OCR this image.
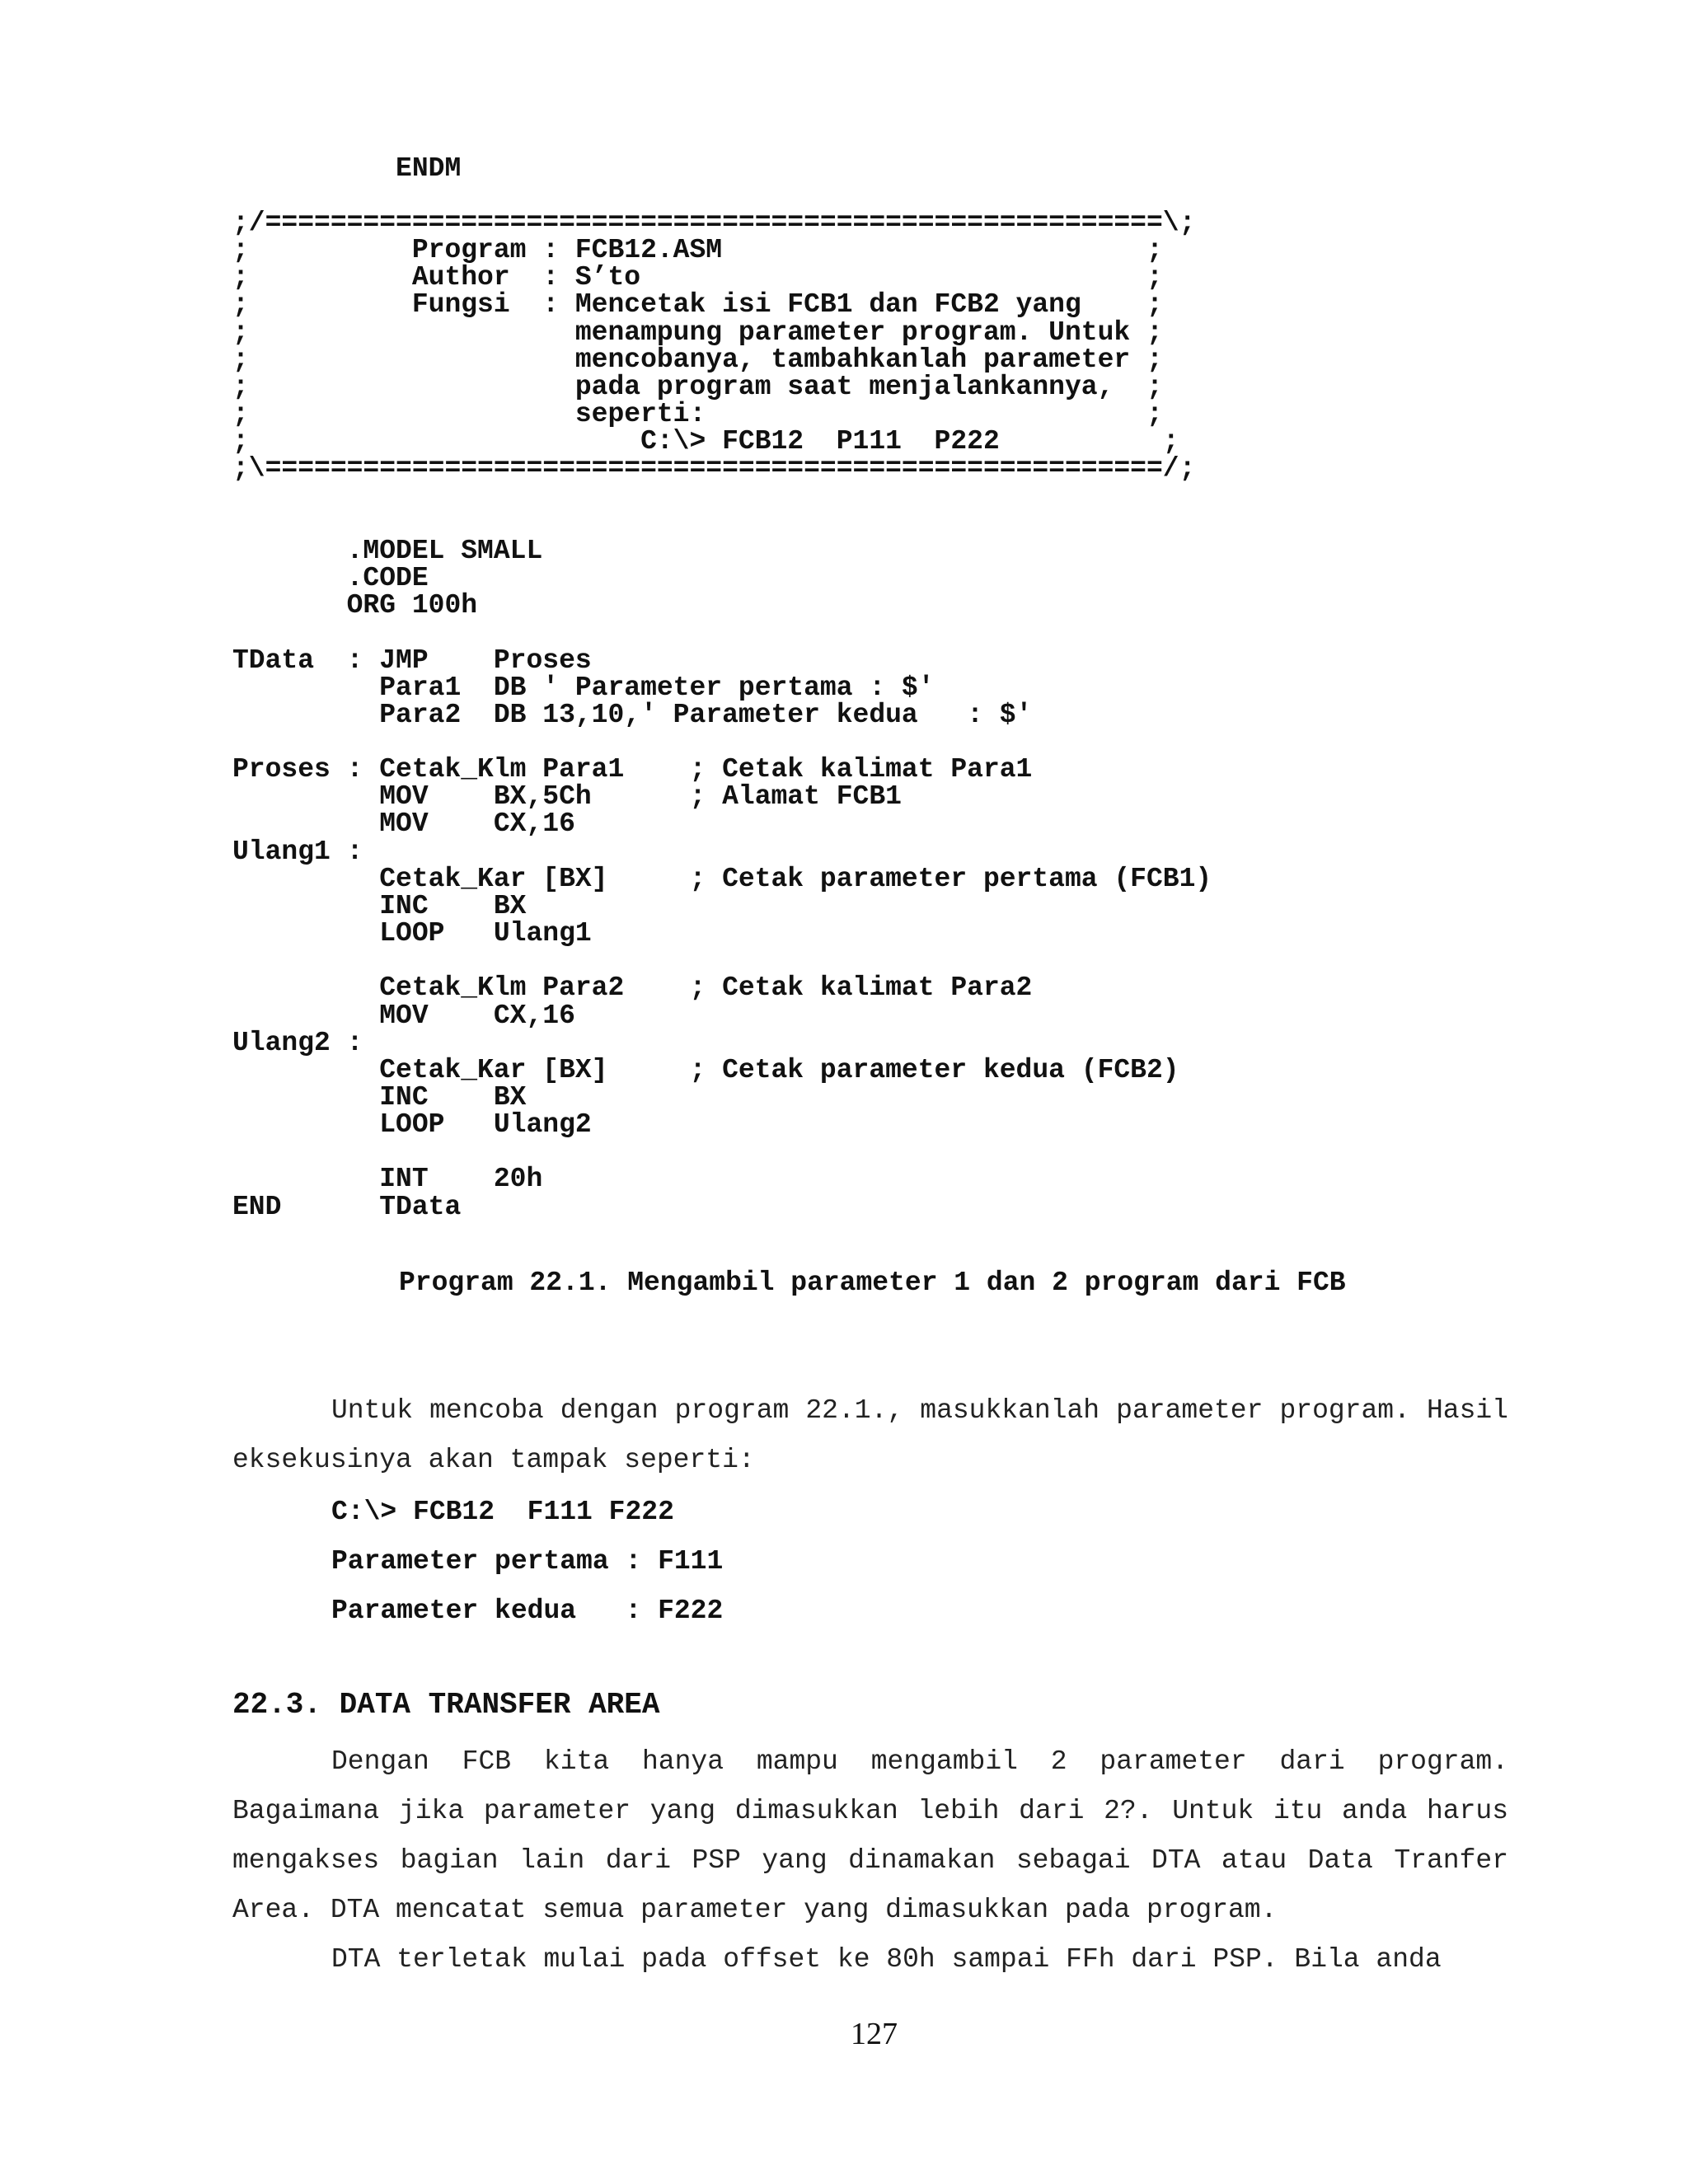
ENDM
;/=======================================================\;
;          Program : FCB12.ASM                          ;
;          Author  : S’to                               ;
;          Fungsi  : Mencetak isi FCB1 dan FCB2 yang    ;
;                    menampung parameter program. Untuk ;
;                    mencobanya, tambahkanlah parameter ;
;                    pada program saat menjalankannya,  ;
;                    seperti:                           ;
;                        C:\> FCB12  P111  P222          ;
;\=======================================================/;

.MODEL SMALL
.CODE
ORG 100h

TData  : JMP    Proses
Para1  DB ' Parameter pertama : $'
Para2  DB 13,10,' Parameter kedua   : $'

Proses : Cetak_Klm Para1    ; Cetak kalimat Para1
MOV    BX,5Ch      ; Alamat FCB1
MOV    CX,16
Ulang1 :
Cetak_Kar [BX]     ; Cetak parameter pertama (FCB1)
INC    BX
LOOP   Ulang1

Cetak_Klm Para2    ; Cetak kalimat Para2
MOV    CX,16
Ulang2 :
Cetak_Kar [BX]     ; Cetak parameter kedua (FCB2)
INC    BX
LOOP   Ulang2

INT    20h
END      TData
Program 22.1. Mengambil parameter 1 dan 2 program dari FCB

Untuk mencoba dengan program 22.1., masukkanlah parameter program. Hasil eksekusinya akan tampak seperti:

C:\> FCB12  F111 F222
Parameter pertama : F111
Parameter kedua   : F222
22.3. DATA TRANSFER AREA

Dengan FCB kita hanya mampu mengambil 2 parameter dari program. Bagaimana jika parameter yang dimasukkan lebih dari 2?. Untuk itu anda harus mengakses bagian lain dari PSP yang dinamakan sebagai DTA atau Data Tranfer Area. DTA mencatat semua parameter yang dimasukkan pada program.

DTA terletak mulai pada offset ke 80h sampai FFh dari PSP. Bila anda

127
